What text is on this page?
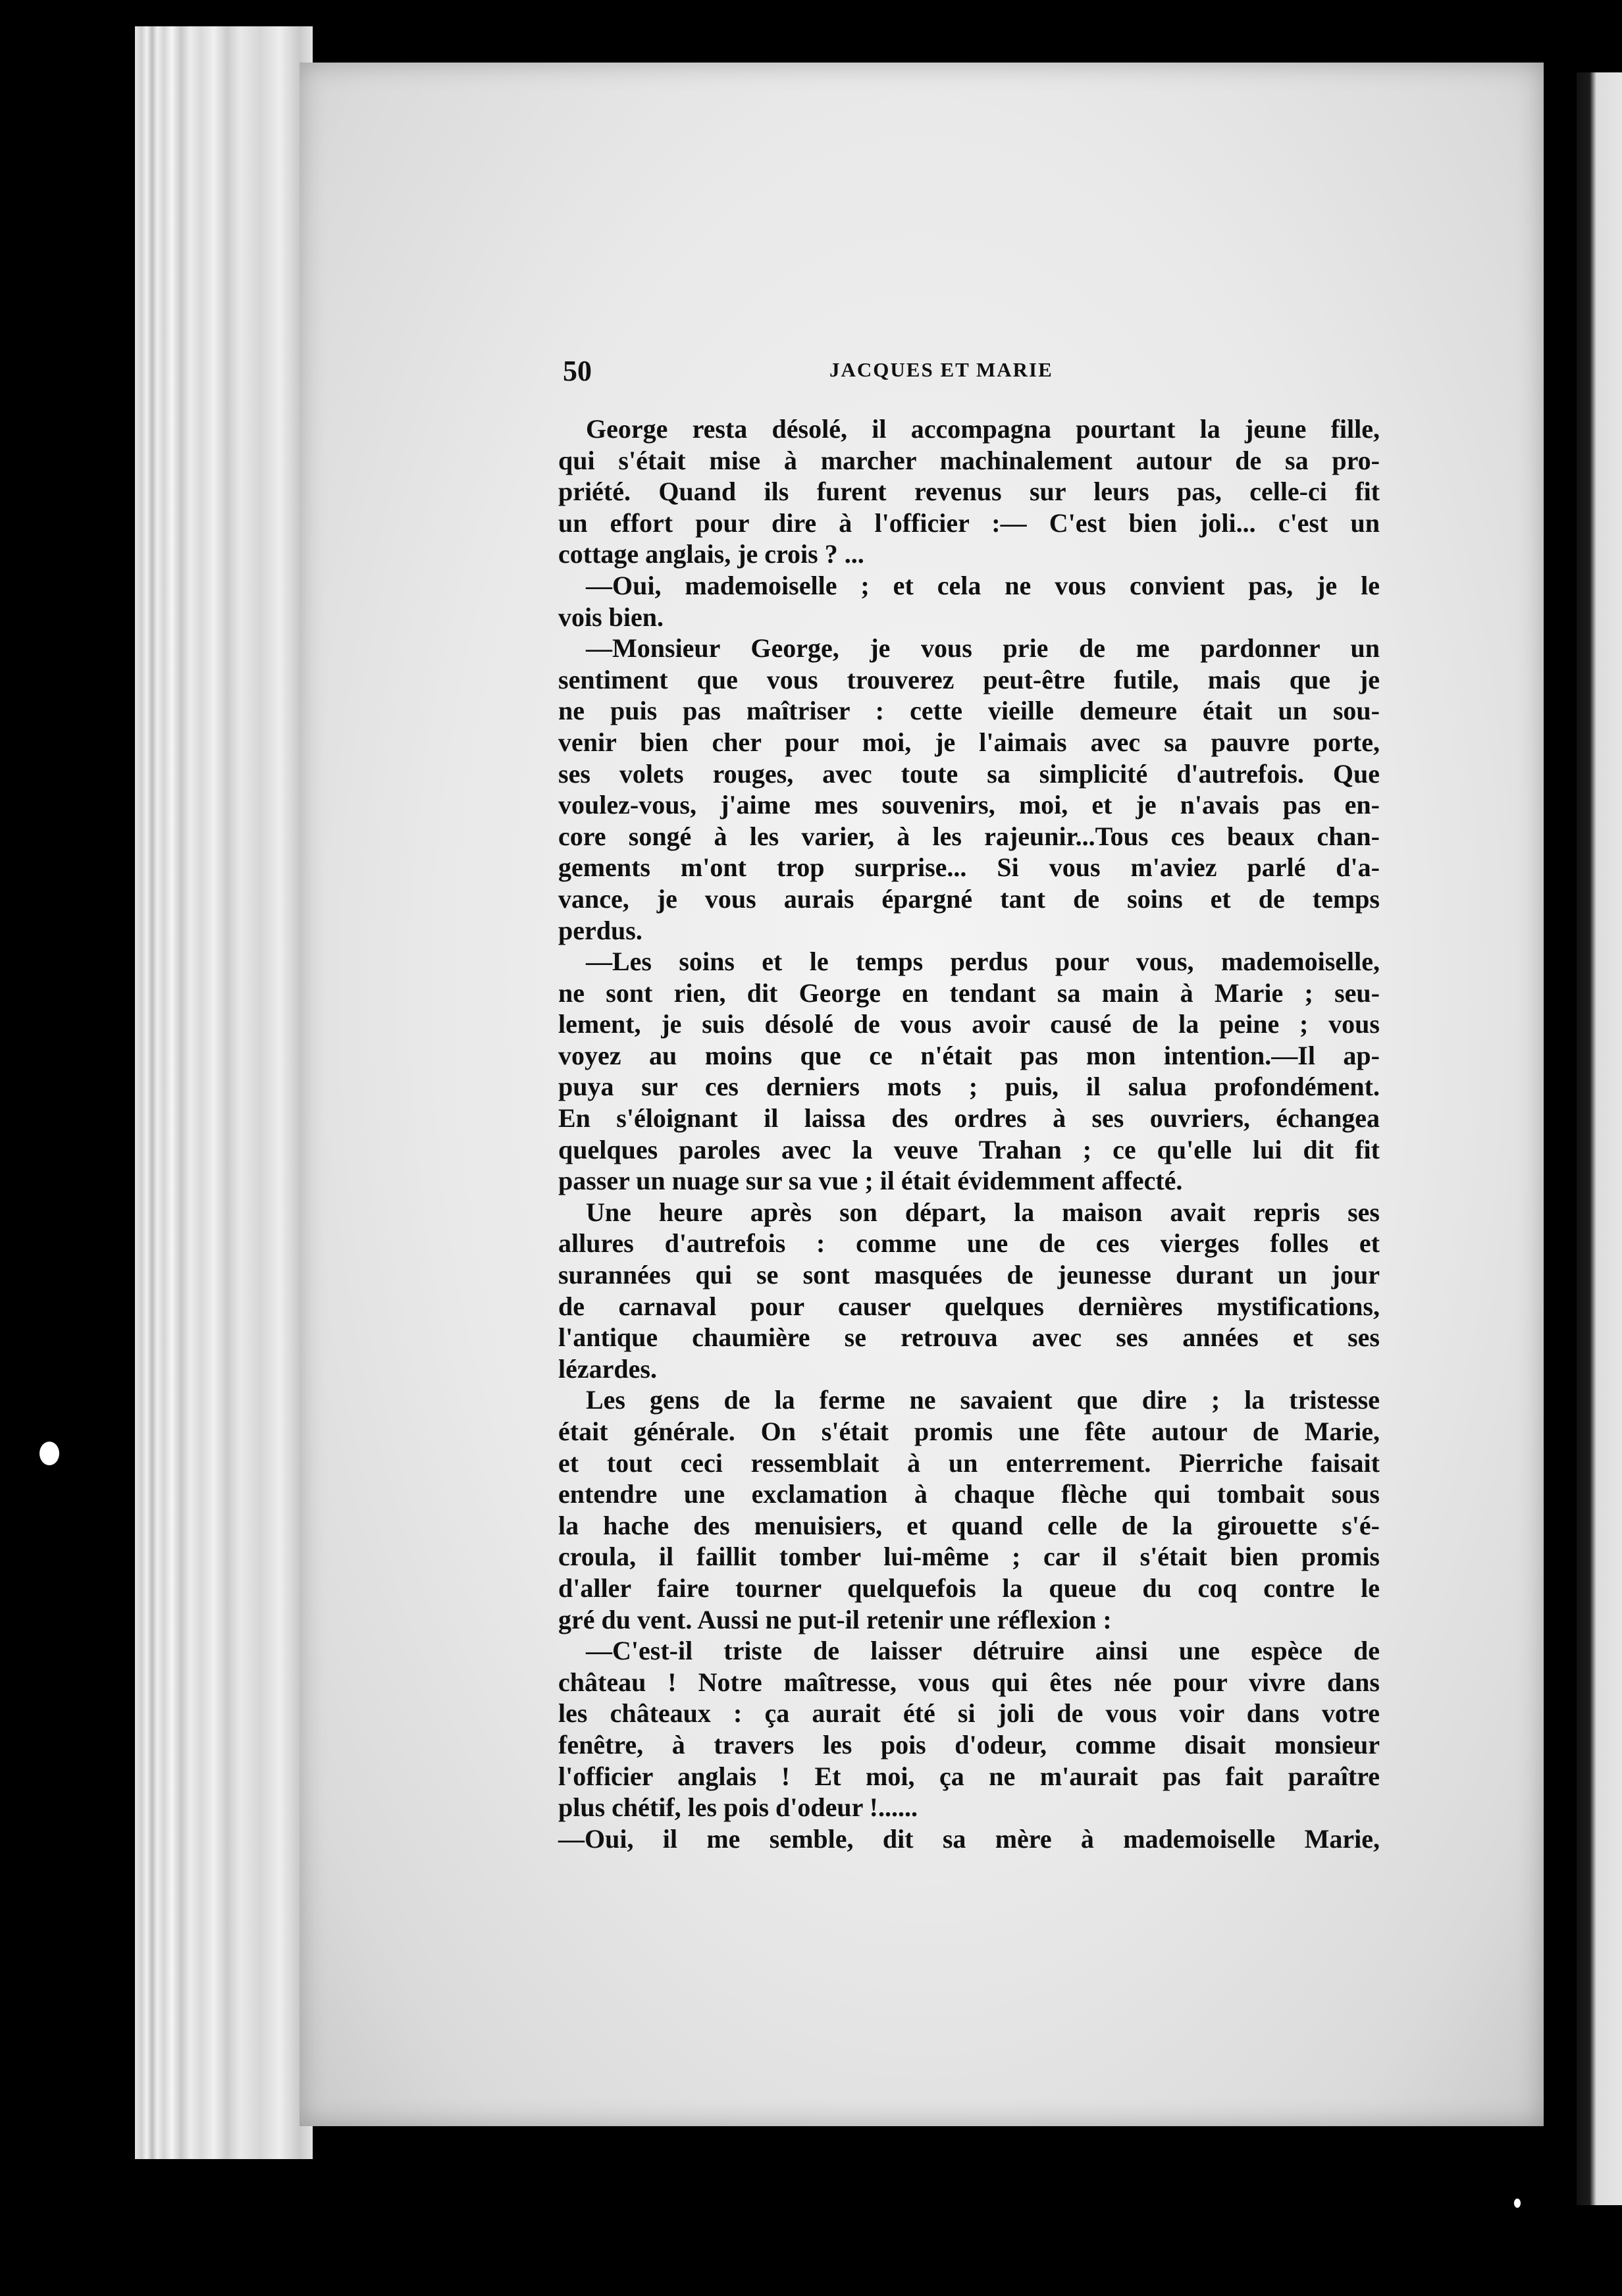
50	JACQUES ET MARIE
George resta désolé, il accompagna pourtant la jeune fille,
qui s'était mise à marcher machinalement autour de sa pro-
priété. Quand ils furent revenus sur leurs pas, celle-ci fit
un effort pour dire à l'officier :— C'est bien joli... c'est un
cottage anglais, je crois ? ...
—Oui, mademoiselle ; et cela ne vous convient pas, je le
vois bien.
—Monsieur George, je vous prie de me pardonner un
sentiment que vous trouverez peut-être futile, mais que je
ne puis pas maîtriser : cette vieille demeure était un sou-
venir bien cher pour moi, je l'aimais avec sa pauvre porte,
ses volets rouges, avec toute sa simplicité d'autrefois. Que
voulez-vous, j'aime mes souvenirs, moi, et je n'avais pas en-
core songé à les varier, à les rajeunir...Tous ces beaux chan-
gements m'ont trop surprise... Si vous m'aviez parlé d'a-
vance, je vous aurais épargné tant de soins et de temps
perdus.
—Les soins et le temps perdus pour vous, mademoiselle,
ne sont rien, dit George en tendant sa main à Marie ; seu-
lement, je suis désolé de vous avoir causé de la peine ; vous
voyez au moins que ce n'était pas mon intention.—Il ap-
puya sur ces derniers mots ; puis, il salua profondément.
En s'éloignant il laissa des ordres à ses ouvriers, échangea
quelques paroles avec la veuve Trahan ; ce qu'elle lui dit fit
passer un nuage sur sa vue ; il était évidemment affecté.
Une heure après son départ, la maison avait repris ses
allures d'autrefois : comme une de ces vierges folles et
surannées qui se sont masquées de jeunesse durant un jour
de carnaval pour causer quelques dernières mystifications,
l'antique chaumière se retrouva avec ses années et ses
lézardes.
Les gens de la ferme ne savaient que dire ; la tristesse
était générale. On s'était promis une fête autour de Marie,
et tout ceci ressemblait à un enterrement. Pierriche faisait
entendre une exclamation à chaque flèche qui tombait sous
la hache des menuisiers, et quand celle de la girouette s'é-
croula, il faillit tomber lui-même ; car il s'était bien promis
d'aller faire tourner quelquefois la queue du coq contre le
gré du vent. Aussi ne put-il retenir une réflexion :
—C'est-il triste de laisser détruire ainsi une espèce de
château ! Notre maîtresse, vous qui êtes née pour vivre dans
les châteaux : ça aurait été si joli de vous voir dans votre
fenêtre, à travers les pois d'odeur, comme disait monsieur
l'officier anglais ! Et moi, ça ne m'aurait pas fait paraître
plus chétif, les pois d'odeur !......
—Oui, il me semble, dit sa mère à mademoiselle Marie,
